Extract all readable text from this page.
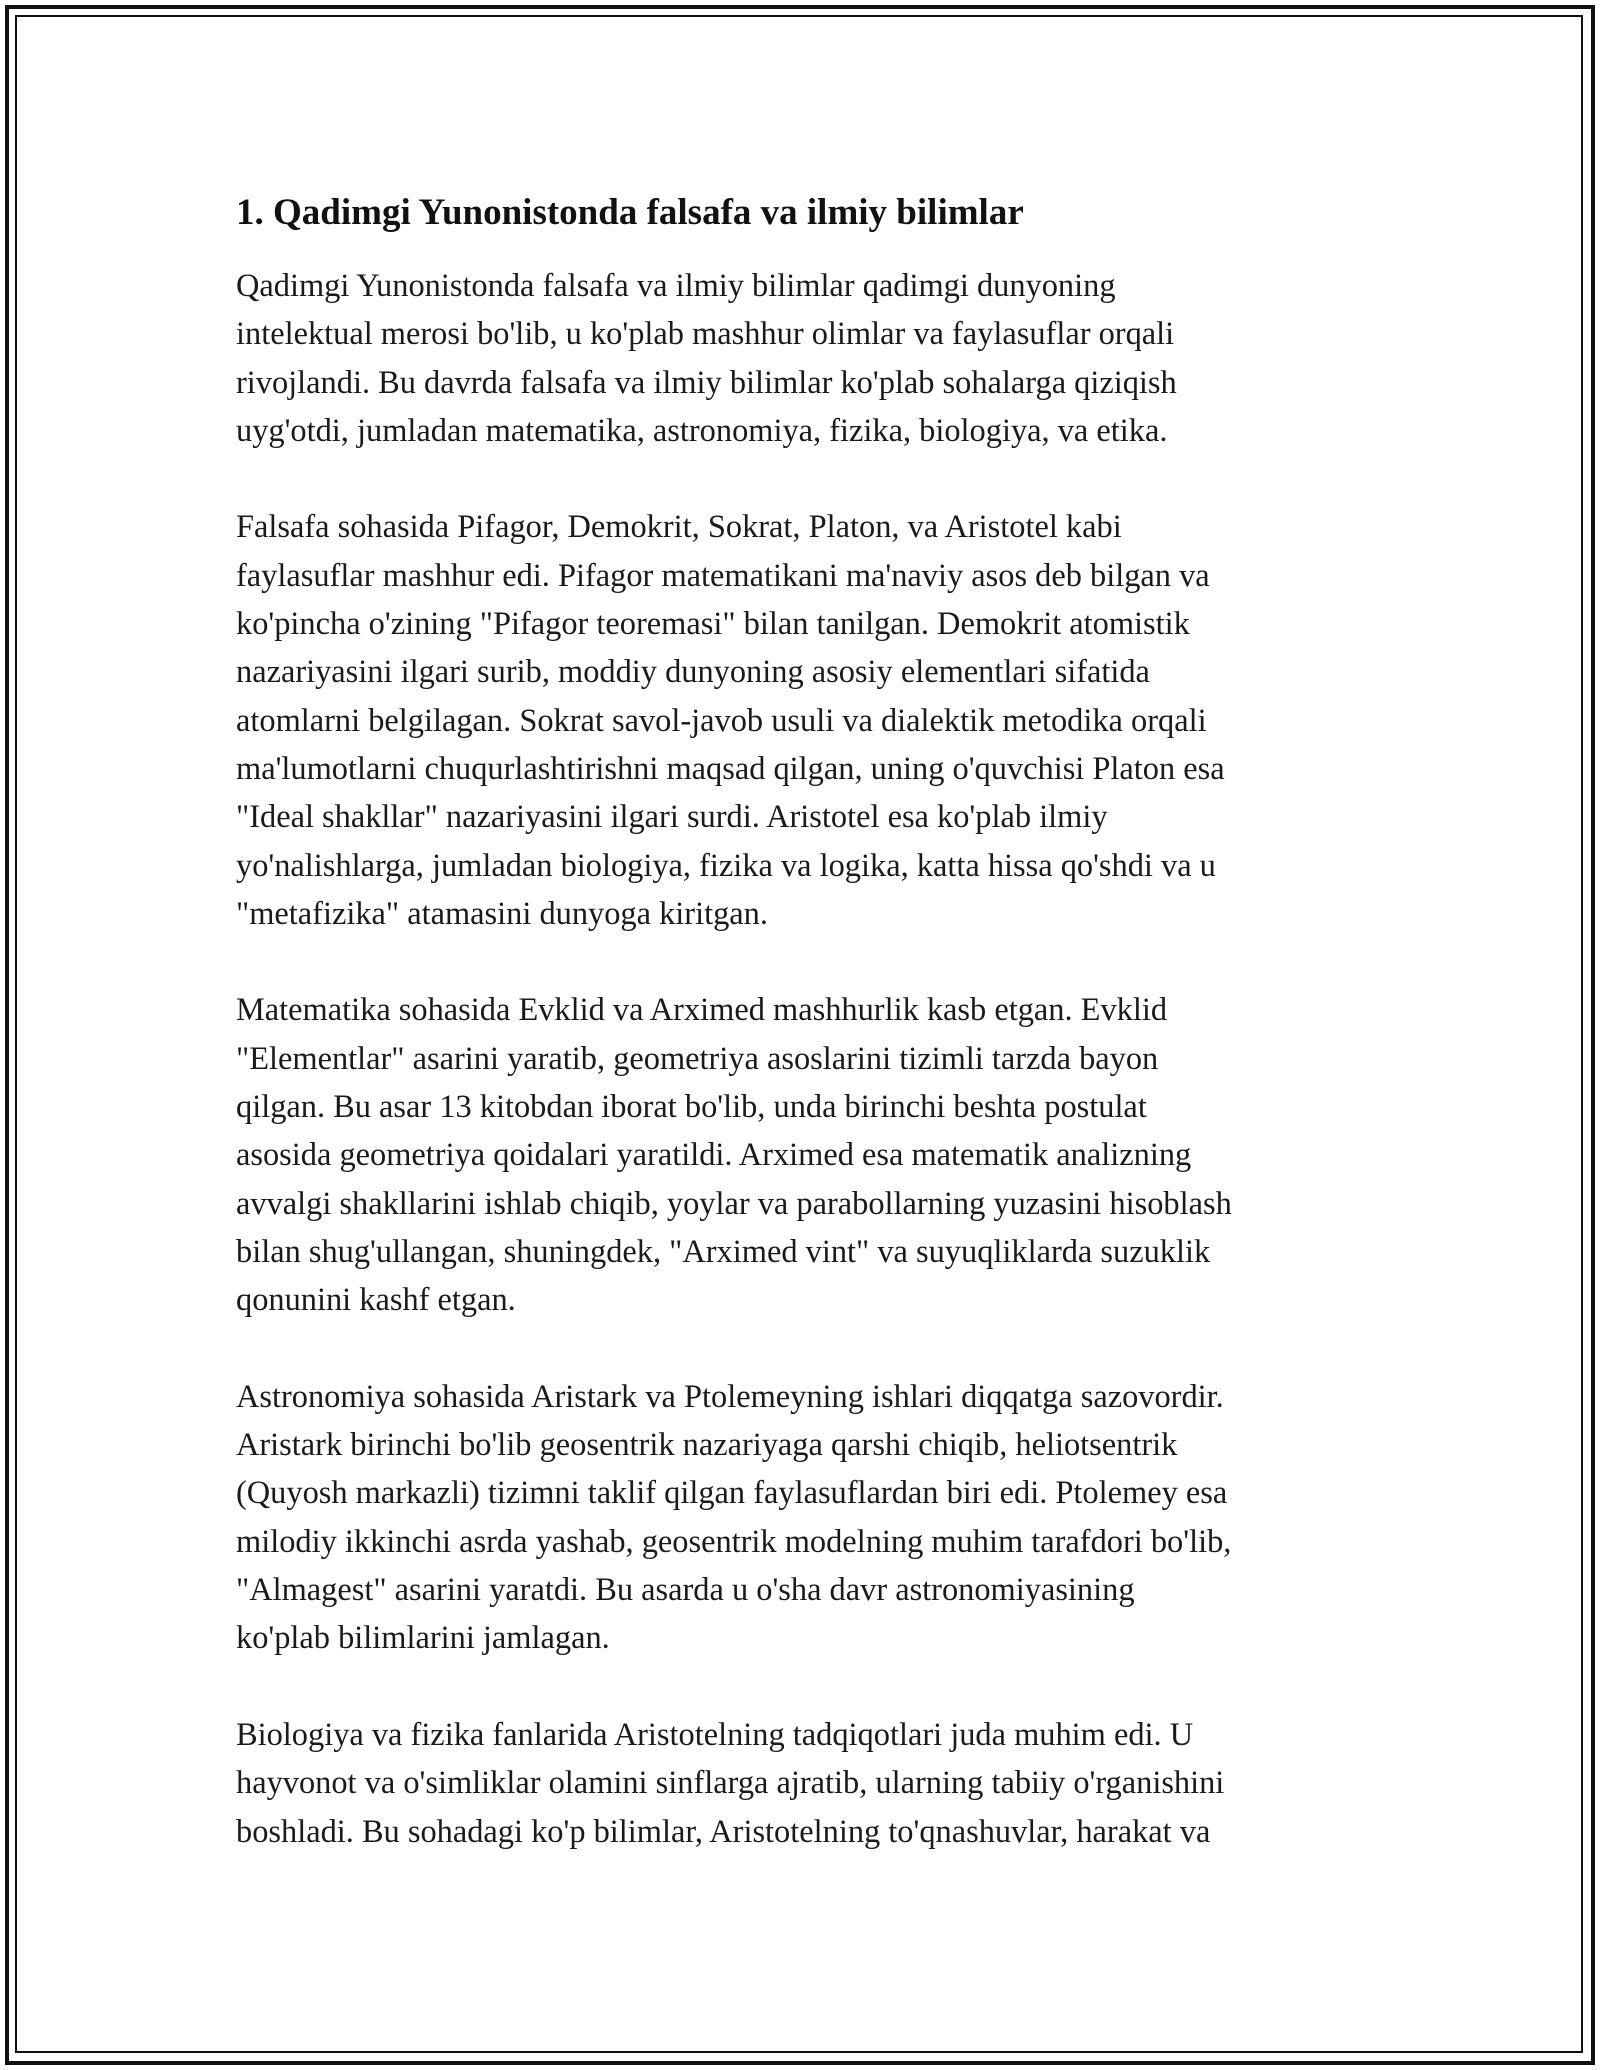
1. Qadimgi Yunonistonda falsafa va ilmiy bilimlar

Qadimgi Yunonistonda falsafa va ilmiy bilimlar qadimgi dunyoning
intelektual merosi bo'lib, u ko'plab mashhur olimlar va faylasuflar orqali
rivojlandi. Bu davrda falsafa va ilmiy bilimlar ko'plab sohalarga qiziqish
uyg'otdi, jumladan matematika, astronomiya, fizika, biologiya, va etika.

Falsafa sohasida Pifagor, Demokrit, Sokrat, Platon, va Aristotel kabi
faylasuflar mashhur edi. Pifagor matematikani ma'naviy asos deb bilgan va
ko'pincha o'zining "Pifagor teoremasi" bilan tanilgan. Demokrit atomistik
nazariyasini ilgari surib, moddiy dunyoning asosiy elementlari sifatida
atomlarni belgilagan. Sokrat savol-javob usuli va dialektik metodika orqali
ma'lumotlarni chuqurlashtirishni maqsad qilgan, uning o'quvchisi Platon esa
"Ideal shakllar" nazariyasini ilgari surdi. Aristotel esa ko'plab ilmiy
yo'nalishlarga, jumladan biologiya, fizika va logika, katta hissa qo'shdi va u
"metafizika" atamasini dunyoga kiritgan.

Matematika sohasida Evklid va Arximed mashhurlik kasb etgan. Evklid
"Elementlar" asarini yaratib, geometriya asoslarini tizimli tarzda bayon
qilgan. Bu asar 13 kitobdan iborat bo'lib, unda birinchi beshta postulat
asosida geometriya qoidalari yaratildi. Arximed esa matematik analizning
avvalgi shakllarini ishlab chiqib, yoylar va parabollarning yuzasini hisoblash
bilan shug'ullangan, shuningdek, "Arximed vint" va suyuqliklarda suzuklik
qonunini kashf etgan.

Astronomiya sohasida Aristark va Ptolemeyning ishlari diqqatga sazovordir.
Aristark birinchi bo'lib geosentrik nazariyaga qarshi chiqib, heliotsentrik
(Quyosh markazli) tizimni taklif qilgan faylasuflardan biri edi. Ptolemey esa
milodiy ikkinchi asrda yashab, geosentrik modelning muhim tarafdori bo'lib,
"Almagest" asarini yaratdi. Bu asarda u o'sha davr astronomiyasining
ko'plab bilimlarini jamlagan.

Biologiya va fizika fanlarida Aristotelning tadqiqotlari juda muhim edi. U
hayvonot va o'simliklar olamini sinflarga ajratib, ularning tabiiy o'rganishini
boshladi. Bu sohadagi ko'p bilimlar, Aristotelning to'qnashuvlar, harakat va
